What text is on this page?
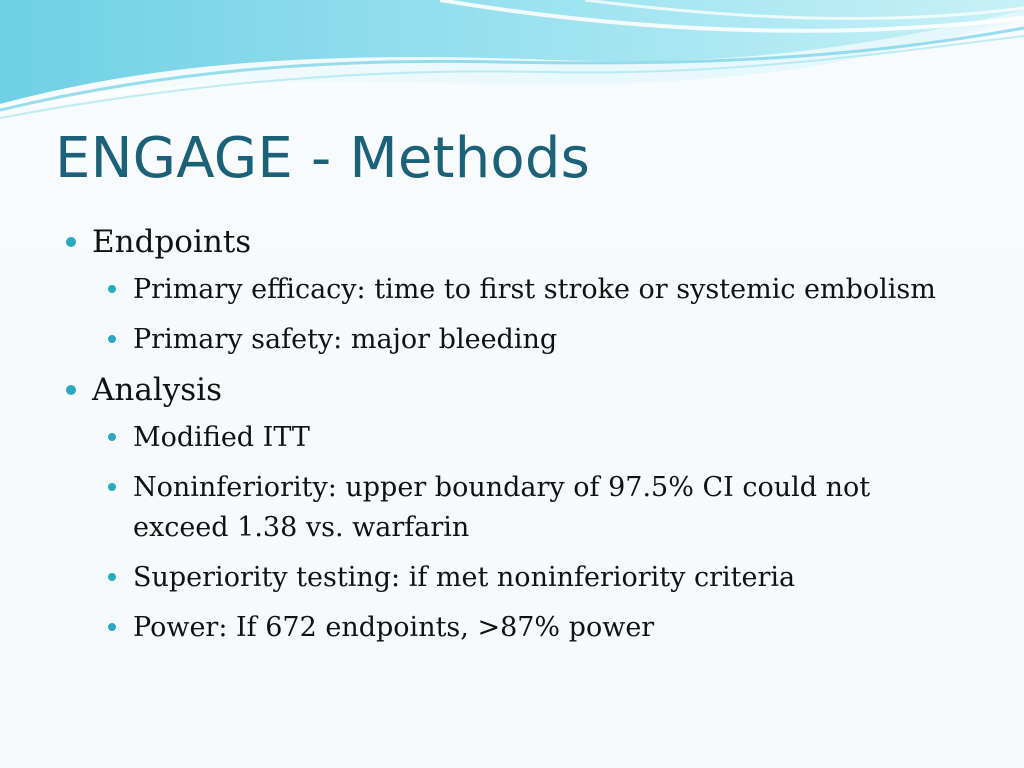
ENGAGE - Methods
Endpoints
Primary efficacy: time to first stroke or systemic embolism
Primary safety: major bleeding
Analysis
Modified ITT
Noninferiority: upper boundary of 97.5% CI could not exceed 1.38 vs. warfarin
Superiority testing: if met noninferiority criteria
Power: If 672 endpoints, >87% power
